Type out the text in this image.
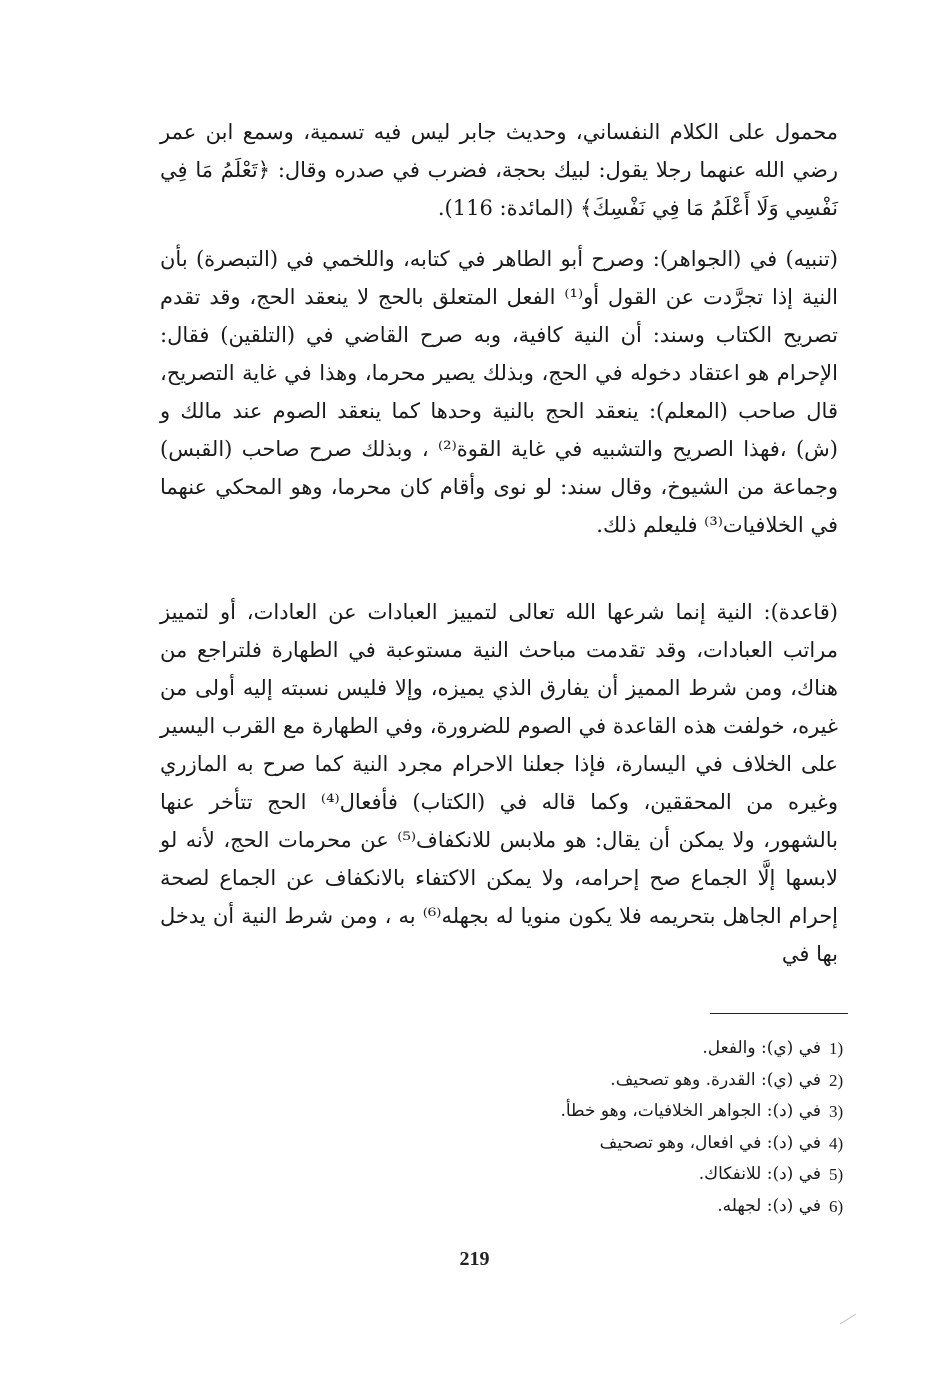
محمول على الكلام النفساني، وحديث جابر ليس فيه تسمية، وسمع ابن عمر رضي الله عنهما رجلا يقول: لبيك بحجة، فضرب في صدره وقال: ﴿تَعْلَمُ مَا فِي نَفْسِي وَلَا أَعْلَمُ مَا فِي نَفْسِكَ﴾ (المائدة: 116).

(تنبيه) في (الجواهر): وصرح أبو الطاهر في كتابه، واللخمي في (التبصرة) بأن النية إذا تجرَّدت عن القول أو⁽¹⁾ الفعل المتعلق بالحج لا ينعقد الحج، وقد تقدم تصريح الكتاب وسند: أن النية كافية، وبه صرح القاضي في (التلقين) فقال: الإحرام هو اعتقاد دخوله في الحج، وبذلك يصير محرما، وهذا في غاية التصريح، قال صاحب (المعلم): ينعقد الحج بالنية وحدها كما ينعقد الصوم عند مالك و (ش) ،فهذا الصريح والتشبيه في غاية القوة⁽²⁾ ، وبذلك صرح صاحب (القبس) وجماعة من الشيوخ، وقال سند: لو نوى وأقام كان محرما، وهو المحكي عنهما في الخلافيات⁽³⁾ فليعلم ذلك.

(قاعدة): النية إنما شرعها الله تعالى لتمييز العبادات عن العادات، أو لتمييز مراتب العبادات، وقد تقدمت مباحث النية مستوعبة في الطهارة فلتراجع من هناك، ومن شرط المميز أن يفارق الذي يميزه، وإلا فليس نسبته إليه أولى من غيره، خولفت هذه القاعدة في الصوم للضرورة، وفي الطهارة مع القرب اليسير على الخلاف في اليسارة، فإذا جعلنا الاحرام مجرد النية كما صرح به المازري وغيره من المحققين، وكما قاله في (الكتاب) فأفعال⁽⁴⁾ الحج تتأخر عنها بالشهور، ولا يمكن أن يقال: هو ملابس للانكفاف⁽⁵⁾ عن محرمات الحج، لأنه لو لابسها إلَّا الجماع صح إحرامه، ولا يمكن الاكتفاء بالانكفاف عن الجماع لصحة إحرام الجاهل بتحريمه فلا يكون منويا له بجهله⁽⁶⁾ به ، ومن شرط النية أن يدخل بها في

1)
في (ي): والفعل.
2)
في (ي): القدرة. وهو تصحيف.
3)
في (د): الجواهر الخلافيات، وهو خطأ.
4)
في (د): في افعال، وهو تصحيف
5)
في (د): للانفكاك.
6)
في (د): لجهله.
219
